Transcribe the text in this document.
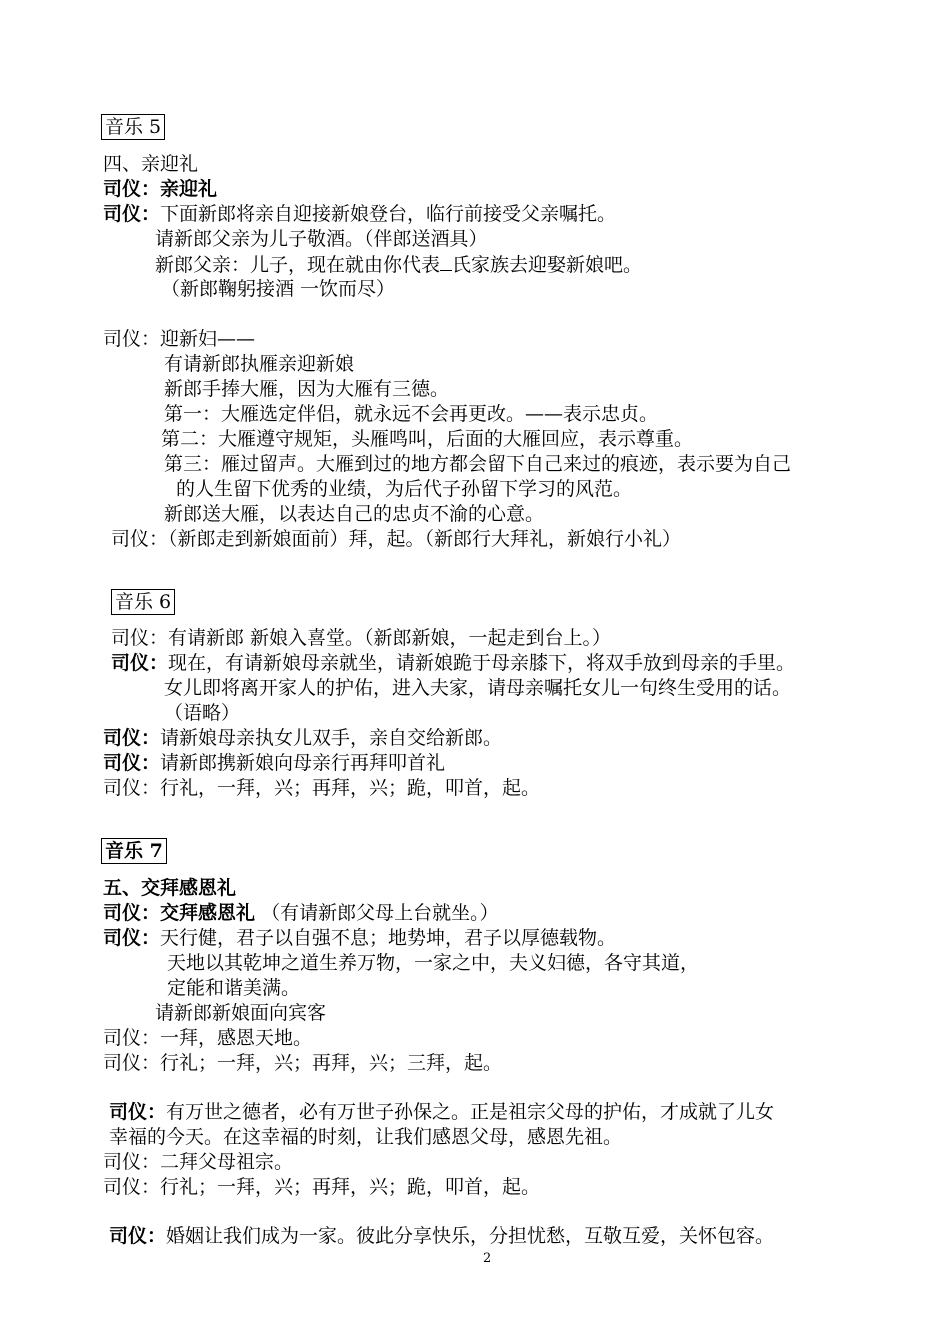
音乐 5
四、亲迎礼
司仪：亲迎礼
司仪：下面新郎将亲自迎接新娘登台，临行前接受父亲嘱托。
请新郎父亲为儿子敬酒。（伴郎送酒具）
新郎父亲：儿子，现在就由你代表 氏家族去迎娶新娘吧。
（新郎鞠躬接酒 一饮而尽）
司仪：迎新妇——
有请新郎执雁亲迎新娘
新郎手捧大雁，因为大雁有三德。
第一：大雁选定伴侣，就永远不会再更改。——表示忠贞。
第二：大雁遵守规矩，头雁鸣叫，后面的大雁回应，表示尊重。
第三：雁过留声。大雁到过的地方都会留下自己来过的痕迹，表示要为自己
的人生留下优秀的业绩，为后代子孙留下学习的风范。
新郎送大雁，以表达自己的忠贞不渝的心意。
司仪：（新郎走到新娘面前）拜，起。（新郎行大拜礼，新娘行小礼）
音乐 6
司仪：有请新郎 新娘入喜堂。（新郎新娘，一起走到台上。）
司仪：现在，有请新娘母亲就坐，请新娘跪于母亲膝下，将双手放到母亲的手里。
女儿即将离开家人的护佑，进入夫家，请母亲嘱托女儿一句终生受用的话。
（语略）
司仪：请新娘母亲执女儿双手，亲自交给新郎。
司仪：请新郎携新娘向母亲行再拜叩首礼
司仪：行礼，一拜，兴；再拜，兴；跪，叩首，起。
音乐 7
五、交拜感恩礼
司仪：交拜感恩礼 （有请新郎父母上台就坐。）
司仪：天行健，君子以自强不息；地势坤，君子以厚德载物。
天地以其乾坤之道生养万物，一家之中，夫义妇德，各守其道，
定能和谐美满。
请新郎新娘面向宾客
司仪：一拜，感恩天地。
司仪：行礼；一拜，兴；再拜，兴；三拜，起。
司仪：有万世之德者，必有万世子孙保之。正是祖宗父母的护佑，才成就了儿女
幸福的今天。在这幸福的时刻，让我们感恩父母，感恩先祖。
司仪：二拜父母祖宗。
司仪：行礼；一拜，兴；再拜，兴；跪，叩首，起。
司仪：婚姻让我们成为一家。彼此分享快乐，分担忧愁，互敬互爱，关怀包容。
2
